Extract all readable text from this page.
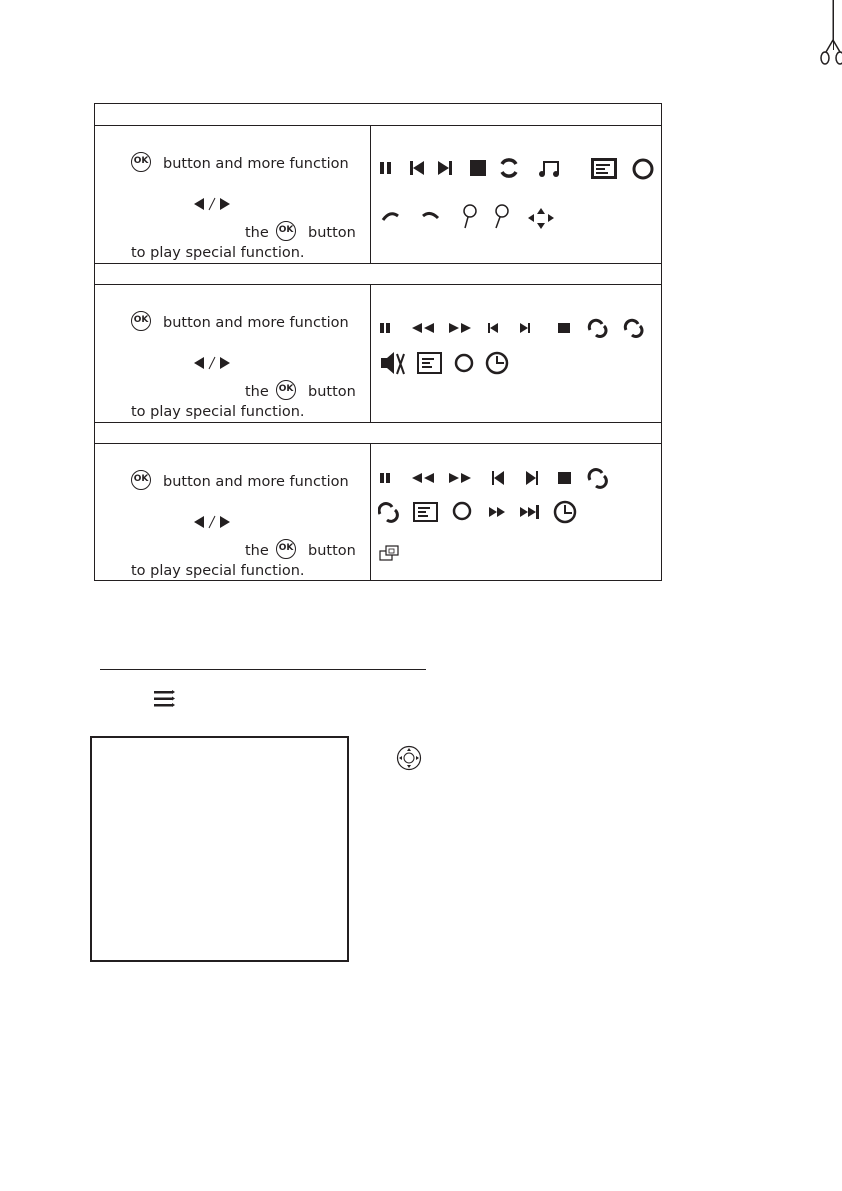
OK button and more function
the OK button
to play special function.
OK button and more function
the OK button
to play special function.
OK button and more function
the OK button
to play special function.
